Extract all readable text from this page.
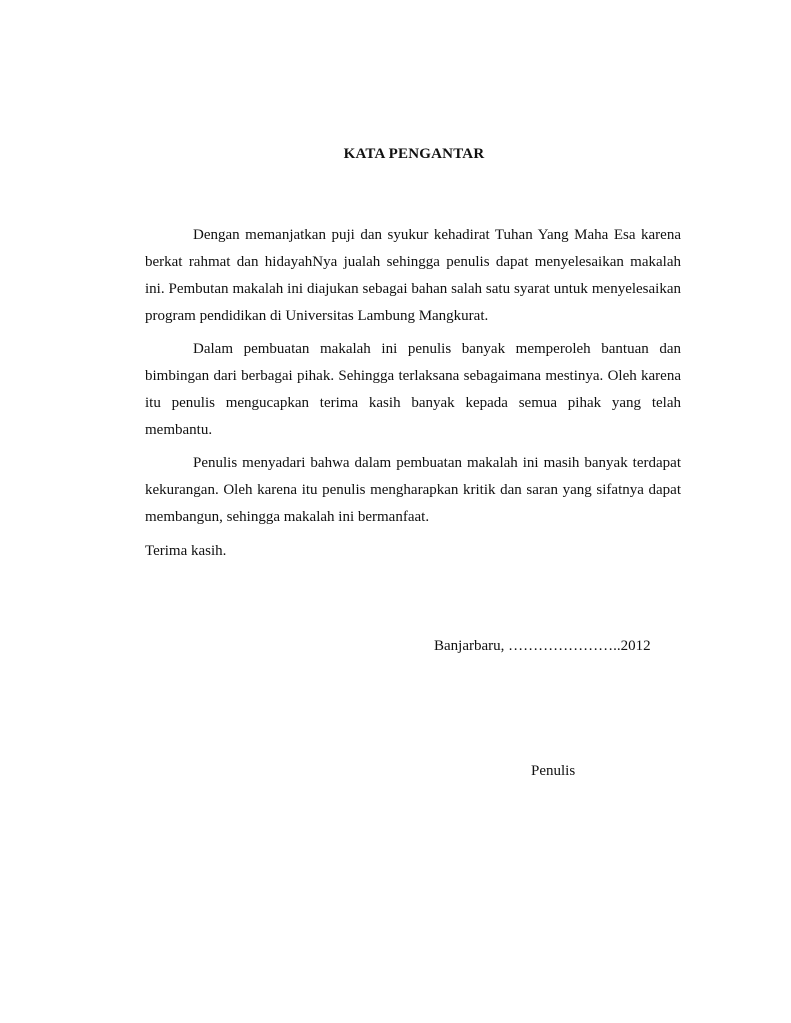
KATA PENGANTAR

Dengan memanjatkan puji dan syukur kehadirat Tuhan Yang Maha Esa karena berkat rahmat dan hidayahNya jualah sehingga penulis dapat menyelesaikan makalah ini. Pembutan makalah ini diajukan sebagai bahan salah satu syarat untuk menyelesaikan program pendidikan di Universitas Lambung Mangkurat.

Dalam pembuatan makalah ini penulis banyak memperoleh bantuan dan bimbingan dari berbagai pihak. Sehingga terlaksana sebagaimana mestinya. Oleh karena itu penulis mengucapkan terima kasih banyak kepada semua pihak yang telah membantu.

Penulis menyadari bahwa dalam pembuatan makalah ini masih banyak terdapat kekurangan. Oleh karena itu penulis mengharapkan kritik dan saran yang sifatnya dapat membangun, sehingga makalah ini bermanfaat.

Terima kasih.

Banjarbaru, …………………..2012
Penulis
